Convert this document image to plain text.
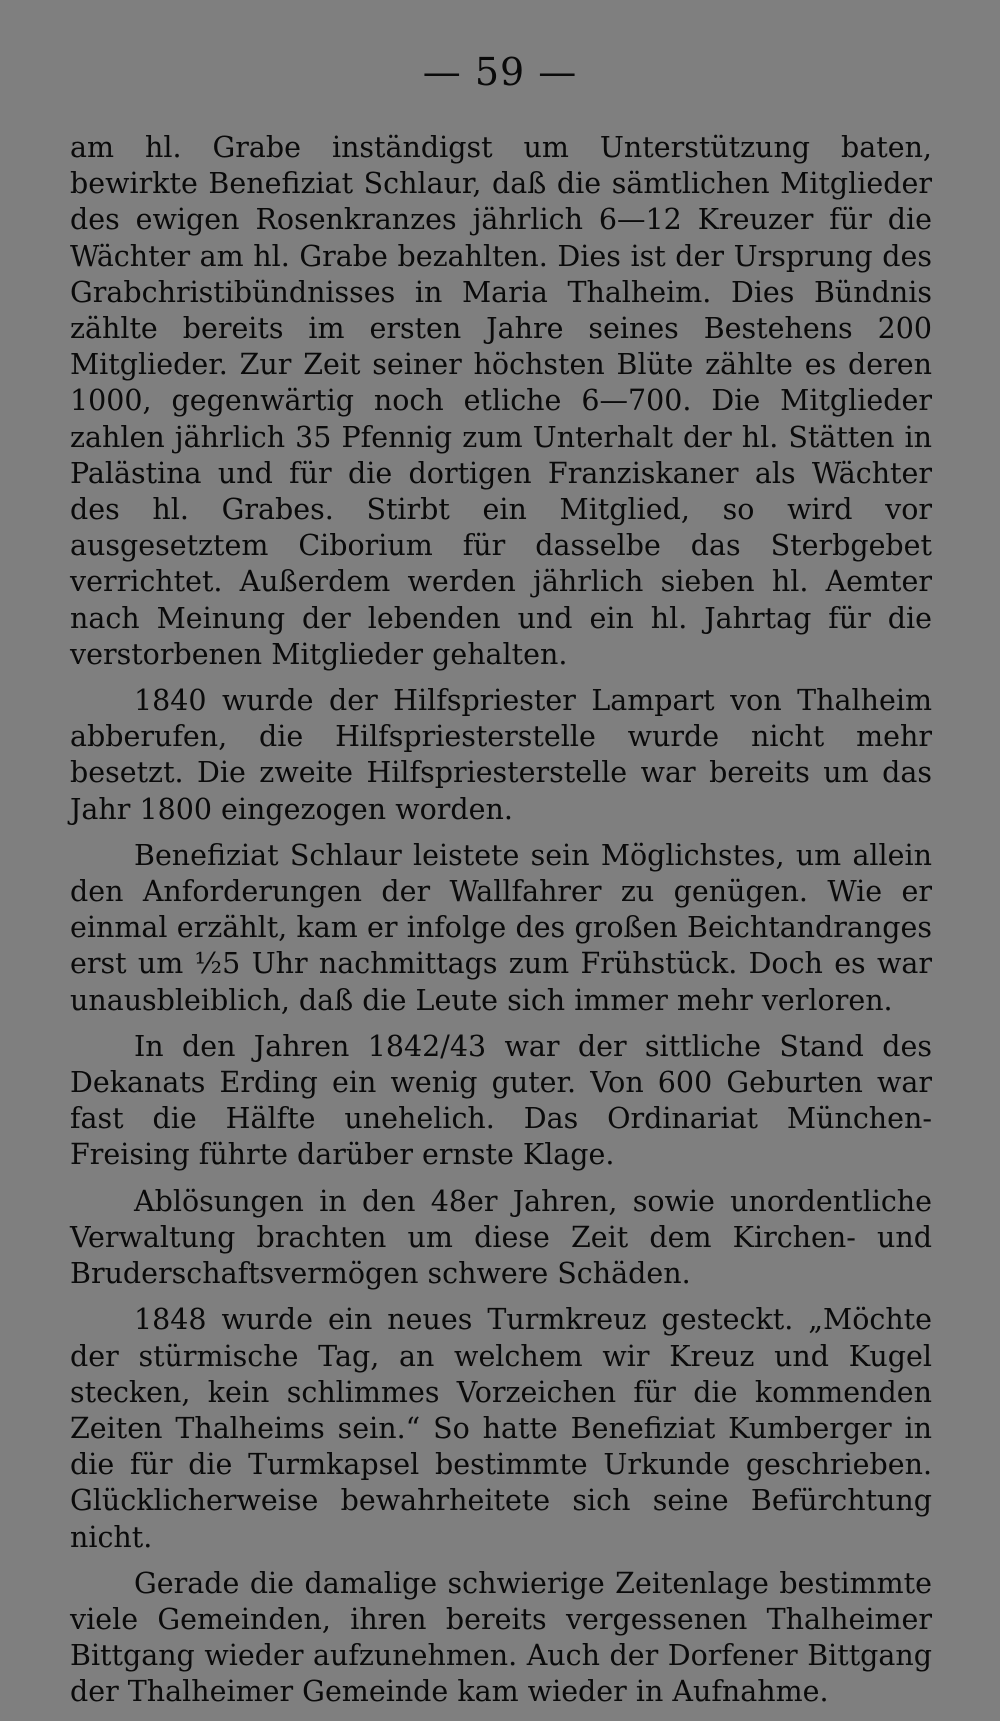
— 59 —

am hl. Grabe inständigst um Unterstützung baten, bewirkte Benefiziat Schlaur, daß die sämtlichen Mitglieder des ewigen Rosenkranzes jährlich 6—12 Kreuzer für die Wächter am hl. Grabe bezahlten. Dies ist der Ursprung des Grabchristibündnisses in Maria Thalheim. Dies Bündnis zählte bereits im ersten Jahre seines Bestehens 200 Mitglieder. Zur Zeit seiner höchsten Blüte zählte es deren 1000, gegenwärtig noch etliche 6—700. Die Mitglieder zahlen jährlich 35 Pfennig zum Unterhalt der hl. Stätten in Palästina und für die dortigen Franziskaner als Wächter des hl. Grabes. Stirbt ein Mitglied, so wird vor ausgesetztem Ciborium für dasselbe das Sterbgebet verrichtet. Außerdem werden jährlich sieben hl. Aemter nach Meinung der lebenden und ein hl. Jahrtag für die verstorbenen Mitglieder gehalten.

1840 wurde der Hilfspriester Lampart von Thalheim abberufen, die Hilfspriesterstelle wurde nicht mehr besetzt. Die zweite Hilfspriesterstelle war bereits um das Jahr 1800 eingezogen worden.

Benefiziat Schlaur leistete sein Möglichstes, um allein den Anforderungen der Wallfahrer zu genügen. Wie er einmal erzählt, kam er infolge des großen Beichtandranges erst um ½5 Uhr nachmittags zum Frühstück. Doch es war unausbleiblich, daß die Leute sich immer mehr verloren.

In den Jahren 1842/43 war der sittliche Stand des Dekanats Erding ein wenig guter. Von 600 Geburten war fast die Hälfte unehelich. Das Ordinariat München-Freising führte darüber ernste Klage.

Ablösungen in den 48er Jahren, sowie unordentliche Verwaltung brachten um diese Zeit dem Kirchen- und Bruderschaftsvermögen schwere Schäden.

1848 wurde ein neues Turmkreuz gesteckt. „Möchte der stürmische Tag, an welchem wir Kreuz und Kugel stecken, kein schlimmes Vorzeichen für die kommenden Zeiten Thalheims sein.“ So hatte Benefiziat Kumberger in die für die Turmkapsel bestimmte Urkunde geschrieben. Glücklicherweise bewahrheitete sich seine Befürchtung nicht.

Gerade die damalige schwierige Zeitenlage bestimmte viele Gemeinden, ihren bereits vergessenen Thalheimer Bittgang wieder aufzunehmen. Auch der Dorfener Bittgang der Thalheimer Gemeinde kam wieder in Aufnahme.
